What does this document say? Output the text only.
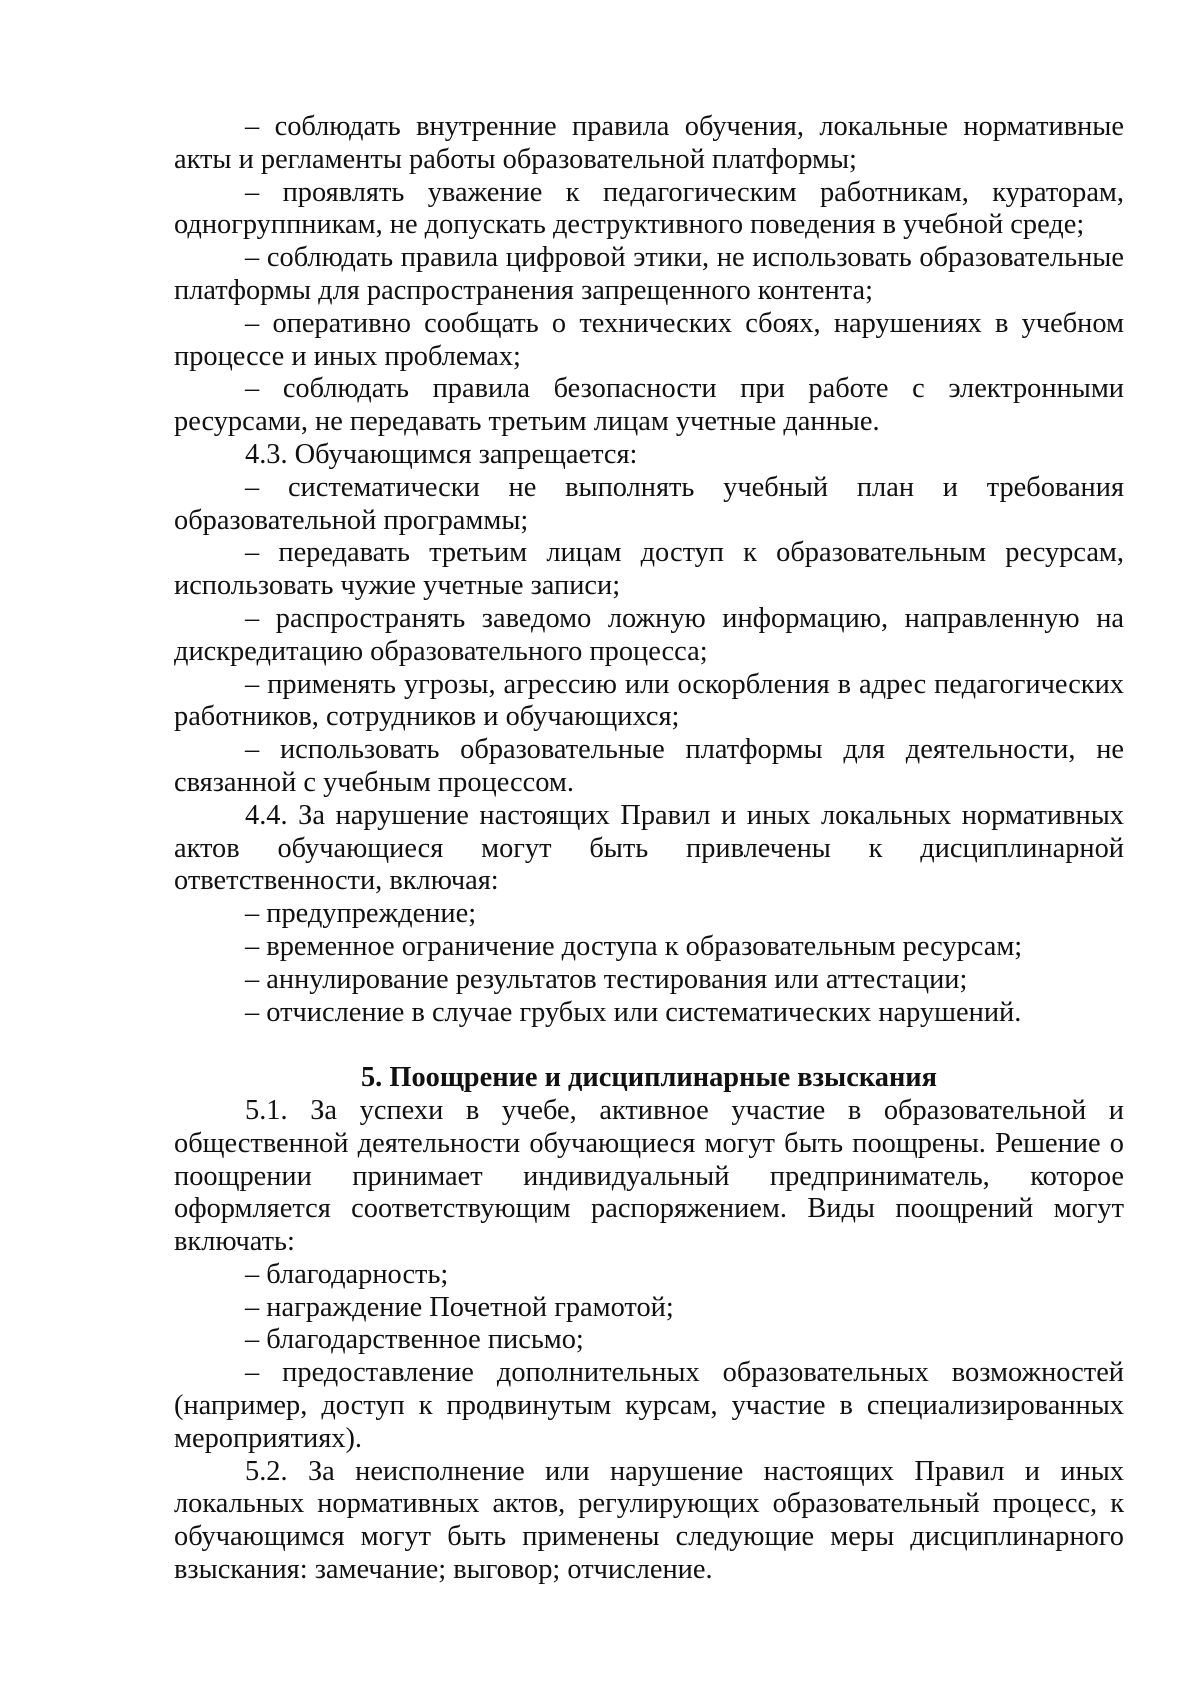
– соблюдать внутренние правила обучения, локальные нормативные акты и регламенты работы образовательной платформы;

– проявлять уважение к педагогическим работникам, кураторам, одногруппникам, не допускать деструктивного поведения в учебной среде;

– соблюдать правила цифровой этики, не использовать образовательные платформы для распространения запрещенного контента;

– оперативно сообщать о технических сбоях, нарушениях в учебном процессе и иных проблемах;

– соблюдать правила безопасности при работе с электронными ресурсами, не передавать третьим лицам учетные данные.

4.3. Обучающимся запрещается:

– систематически не выполнять учебный план и требования образовательной программы;

– передавать третьим лицам доступ к образовательным ресурсам, использовать чужие учетные записи;

– распространять заведомо ложную информацию, направленную на дискредитацию образовательного процесса;

– применять угрозы, агрессию или оскорбления в адрес педагогических работников, сотрудников и обучающихся;

– использовать образовательные платформы для деятельности, не связанной с учебным процессом.

4.4. За нарушение настоящих Правил и иных локальных нормативных актов обучающиеся могут быть привлечены к дисциплинарной ответственности, включая:

– предупреждение;

– временное ограничение доступа к образовательным ресурсам;

– аннулирование результатов тестирования или аттестации;

– отчисление в случае грубых или систематических нарушений.

5. Поощрение и дисциплинарные взыскания

5.1. За успехи в учебе, активное участие в образовательной и общественной деятельности обучающиеся могут быть поощрены. Решение о поощрении принимает индивидуальный предприниматель, которое оформляется соответствующим распоряжением. Виды поощрений могут включать:

– благодарность;

– награждение Почетной грамотой;

– благодарственное письмо;

– предоставление дополнительных образовательных возможностей (например, доступ к продвинутым курсам, участие в специализированных мероприятиях).

5.2. За неисполнение или нарушение настоящих Правил и иных локальных нормативных актов, регулирующих образовательный процесс, к обучающимся могут быть применены следующие меры дисциплинарного взыскания: замечание; выговор; отчисление.
